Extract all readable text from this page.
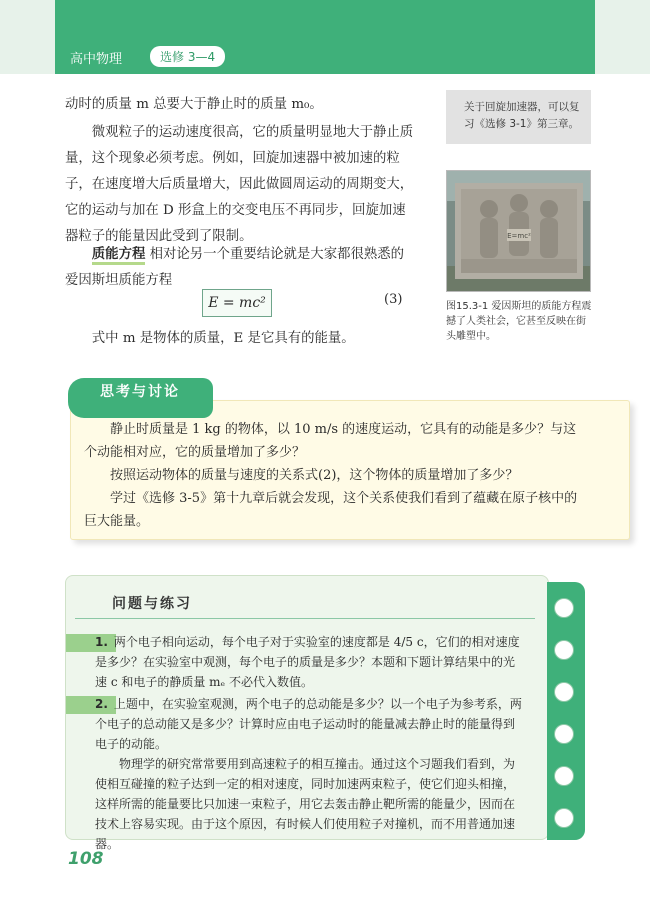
高中物理	选修 3—4
动时的质量 m 总要大于静止时的质量 m₀。
微观粒子的运动速度很高，它的质量明显地大于静止质量，这个现象必须考虑。例如，回旋加速器中被加速的粒子，在速度增大后质量增大，因此做圆周运动的周期变大，它的运动与加在 D 形盒上的交变电压不再同步，回旋加速器粒子的能量因此受到了限制。
质能方程 相对论另一个重要结论就是大家都很熟悉的爱因斯坦质能方程
E = mc²	(3)
式中 m 是物体的质量，E 是它具有的能量。
关于回旋加速器，可以复习《选修 3-1》第三章。
E=mc²
图15.3-1 爱因斯坦的质能方程震撼了人类社会，它甚至反映在街头雕塑中。
思考与讨论
静止时质量是 1 kg 的物体，以 10 m/s 的速度运动，它具有的动能是多少？与这个动能相对应，它的质量增加了多少？
按照运动物体的质量与速度的关系式(2)，这个物体的质量增加了多少？
学过《选修 3-5》第十九章后就会发现，这个关系使我们看到了蕴藏在原子核中的巨大能量。
问题与练习
1. 两个电子相向运动，每个电子对于实验室的速度都是 4/5 c，它们的相对速度是多少？在实验室中观测，每个电子的质量是多少？本题和下题计算结果中的光速 c 和电子的静质量 mₑ 不必代入数值。
2. 上题中，在实验室观测，两个电子的总动能是多少？以一个电子为参考系，两个电子的总动能又是多少？计算时应由电子运动时的能量减去静止时的能量得到电子的动能。
物理学的研究常常要用到高速粒子的相互撞击。通过这个习题我们看到，为使相互碰撞的粒子达到一定的相对速度，同时加速两束粒子，使它们迎头相撞，这样所需的能量要比只加速一束粒子，用它去轰击静止靶所需的能量少，因而在技术上容易实现。由于这个原因，有时候人们使用粒子对撞机，而不用普通加速器。
108
